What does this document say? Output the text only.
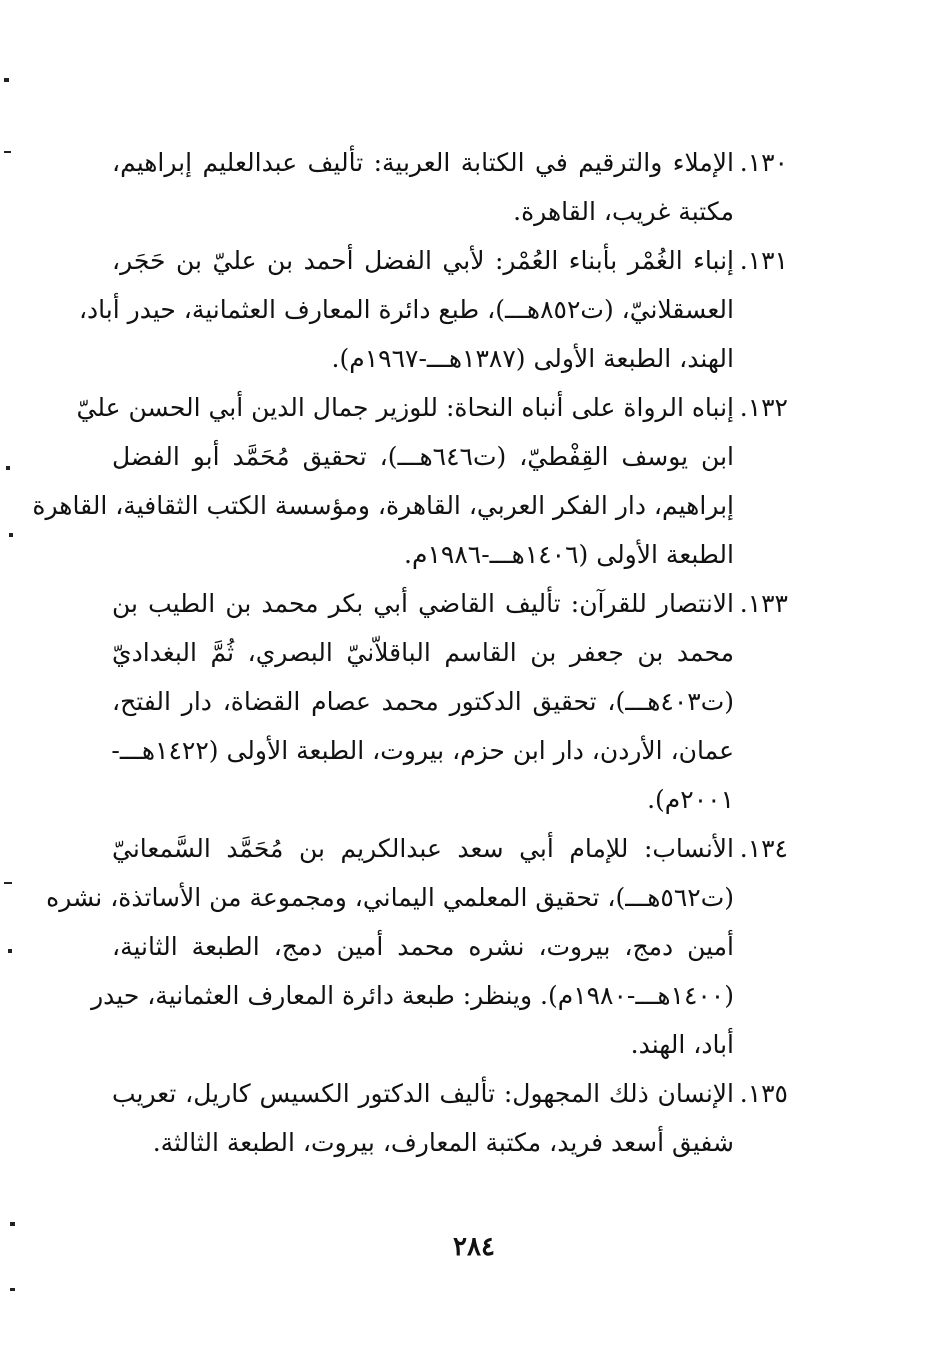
١٣٠.
الإملاء والترقيم في الكتابة العربية: تأليف عبدالعليم إبراهيم،
مكتبة غريب، القاهرة.
١٣١.
إنباء الغُمْر بأبناء العُمْر: لأبي الفضل أحمد بن عليّ بن حَجَر،
العسقلانيّ، (ت٨٥٢هـــ)، طبع دائرة المعارف العثمانية، حيدر أباد،
الهند، الطبعة الأولى (١٣٨٧هـــ-١٩٦٧م).
١٣٢.
إنباه الرواة على أنباه النحاة: للوزير جمال الدين أبي الحسن عليّ
ابن يوسف القِفْطيّ، (ت٦٤٦هـــ)، تحقيق مُحَمَّد أبو الفضل
إبراهيم، دار الفكر العربي، القاهرة، ومؤسسة الكتب الثقافية، القاهرة
الطبعة الأولى (١٤٠٦هـــ-١٩٨٦م.
١٣٣.
الانتصار للقرآن: تأليف القاضي أبي بكر محمد بن الطيب بن
محمد بن جعفر بن القاسم الباقلاّنيّ البصري، ثُمَّ البغداديّ
(ت٤٠٣هـــ)، تحقيق الدكتور محمد عصام القضاة، دار الفتح،
عمان، الأردن، دار ابن حزم، بيروت، الطبعة الأولى (١٤٢٢هـــ-
٢٠٠١م).
١٣٤.
الأنساب: للإمام أبي سعد عبدالكريم بن مُحَمَّد السَّمعانيّ
(ت٥٦٢هـــ)، تحقيق المعلمي اليماني، ومجموعة من الأساتذة، نشره
أمين دمج، بيروت، نشره محمد أمين دمج، الطبعة الثانية،
(١٤٠٠هـــ-١٩٨٠م). وينظر: طبعة دائرة المعارف العثمانية، حيدر
أباد، الهند.
١٣٥.
الإنسان ذلك المجهول: تأليف الدكتور الكسيس كاريل، تعريب
شفيق أسعد فريد، مكتبة المعارف، بيروت، الطبعة الثالثة.
٢٨٤
